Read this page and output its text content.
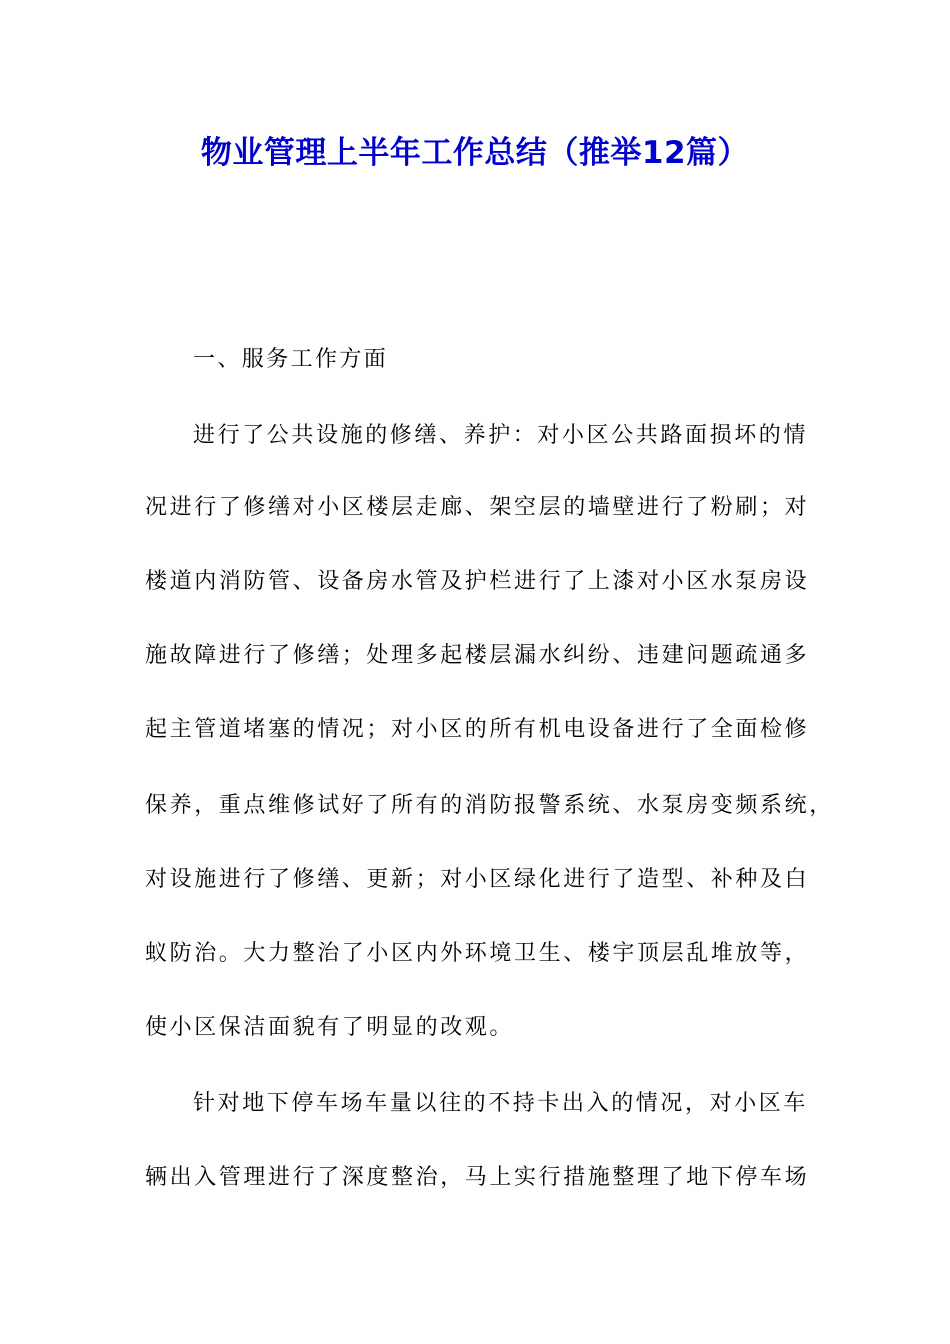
物业管理上半年工作总结（推举12篇）
一、服务工作方面
进行了公共设施的修缮、养护：对小区公共路面损坏的情
况进行了修缮对小区楼层走廊、架空层的墙壁进行了粉刷；对
楼道内消防管、设备房水管及护栏进行了上漆对小区水泵房设
施故障进行了修缮；处理多起楼层漏水纠纷、违建问题疏通多
起主管道堵塞的情况；对小区的所有机电设备进行了全面检修
保养，重点维修试好了所有的消防报警系统、水泵房变频系统，
对设施进行了修缮、更新；对小区绿化进行了造型、补种及白
蚁防治。大力整治了小区内外环境卫生、楼宇顶层乱堆放等，
使小区保洁面貌有了明显的改观。
针对地下停车场车量以往的不持卡出入的情况，对小区车
辆出入管理进行了深度整治，马上实行措施整理了地下停车场
